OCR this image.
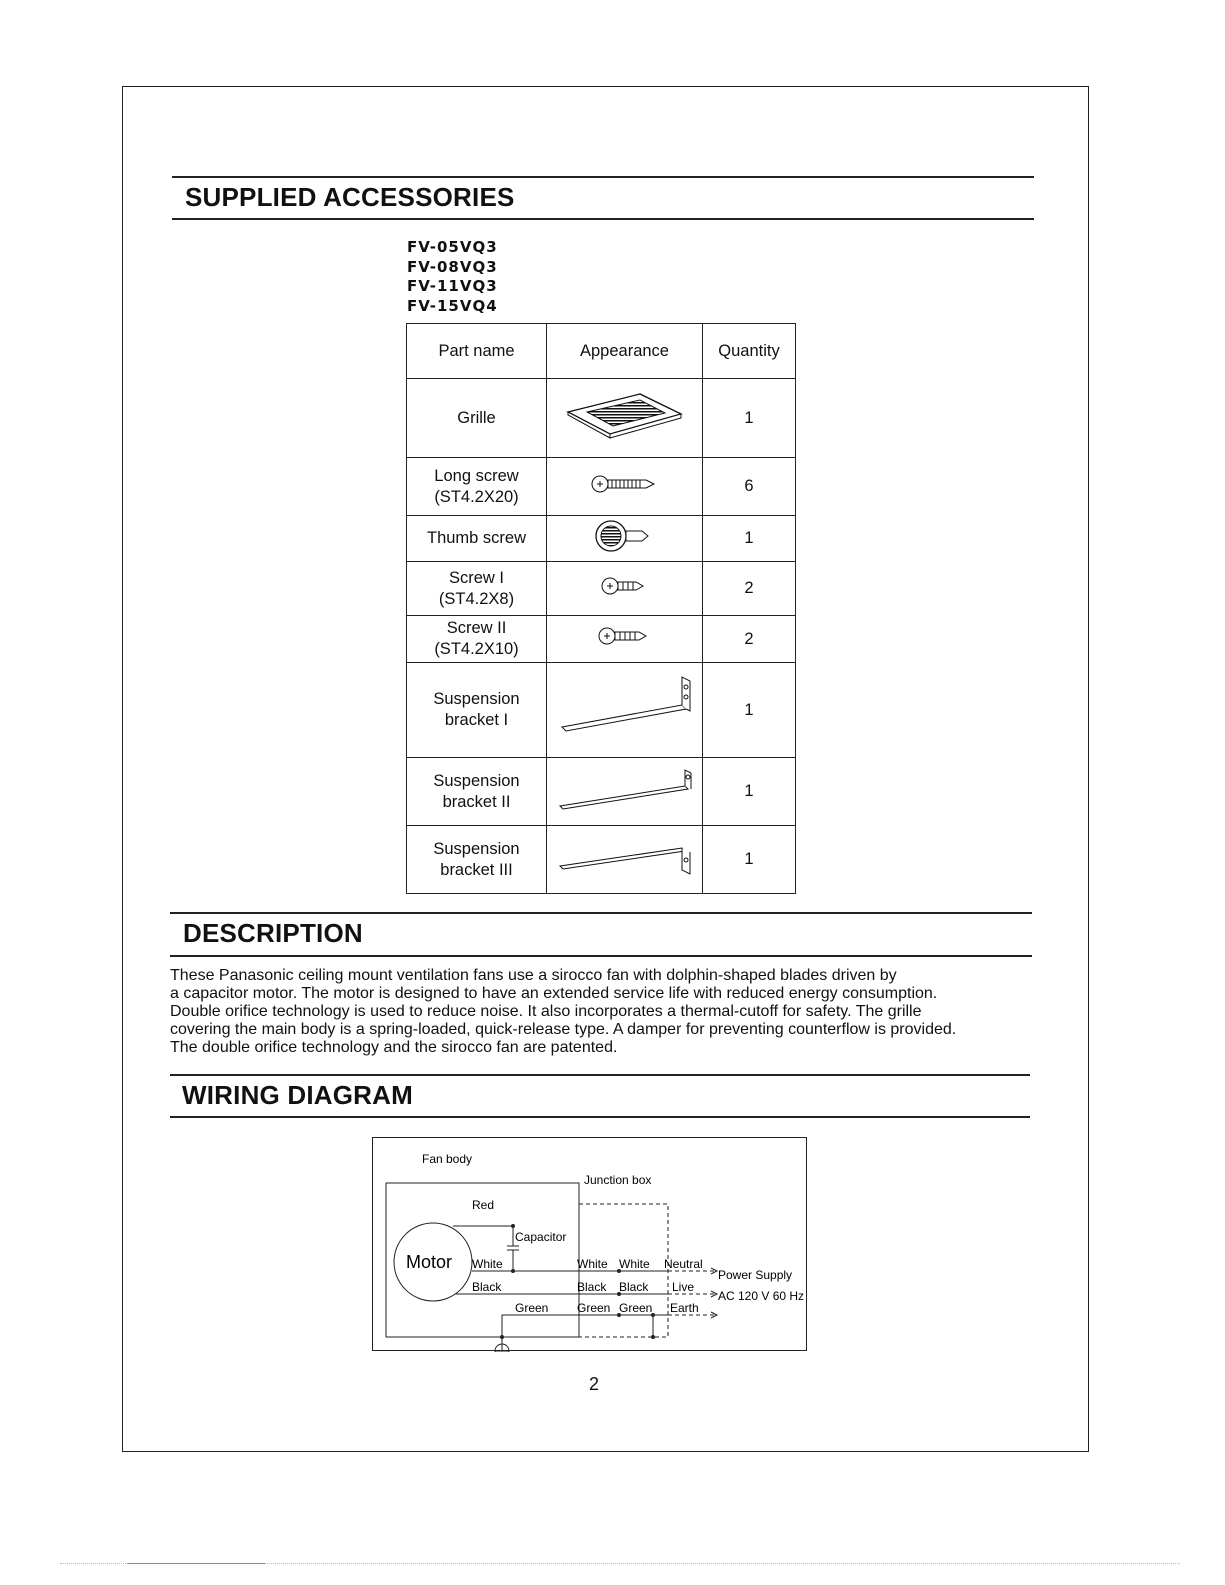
SUPPLIED ACCESSORIES
FV-05VQ3
FV-08VQ3
FV-11VQ3
FV-15VQ4
Part name	Appearance	Quantity
Grille		1

Long screw
(ST4.2X20)		6
Thumb screw		1

Screw I
(ST4.2X8)		2

Screw II
(ST4.2X10)		2

Suspension
bracket I		1

Suspension
bracket II		1

Suspension
bracket III		1
DESCRIPTION
These Panasonic ceiling mount ventilation fans use a sirocco fan with dolphin-shaped blades driven by
a capacitor motor. The motor is designed to have an extended service life with reduced energy consumption.
Double orifice technology is used to reduce noise. It also incorporates a thermal-cutoff for safety. The grille
covering the main body is a spring-loaded, quick-release type. A damper for preventing counterflow is provided.
The double orifice technology and the sirocco fan are patented.
WIRING DIAGRAM
Fan body
Junction box
Motor
Red
Capacitor
White
Black
Green
White White
Black Black
Green Green
Neutral
Live
Earth
Power Supply
AC 120 V 60 Hz
2
